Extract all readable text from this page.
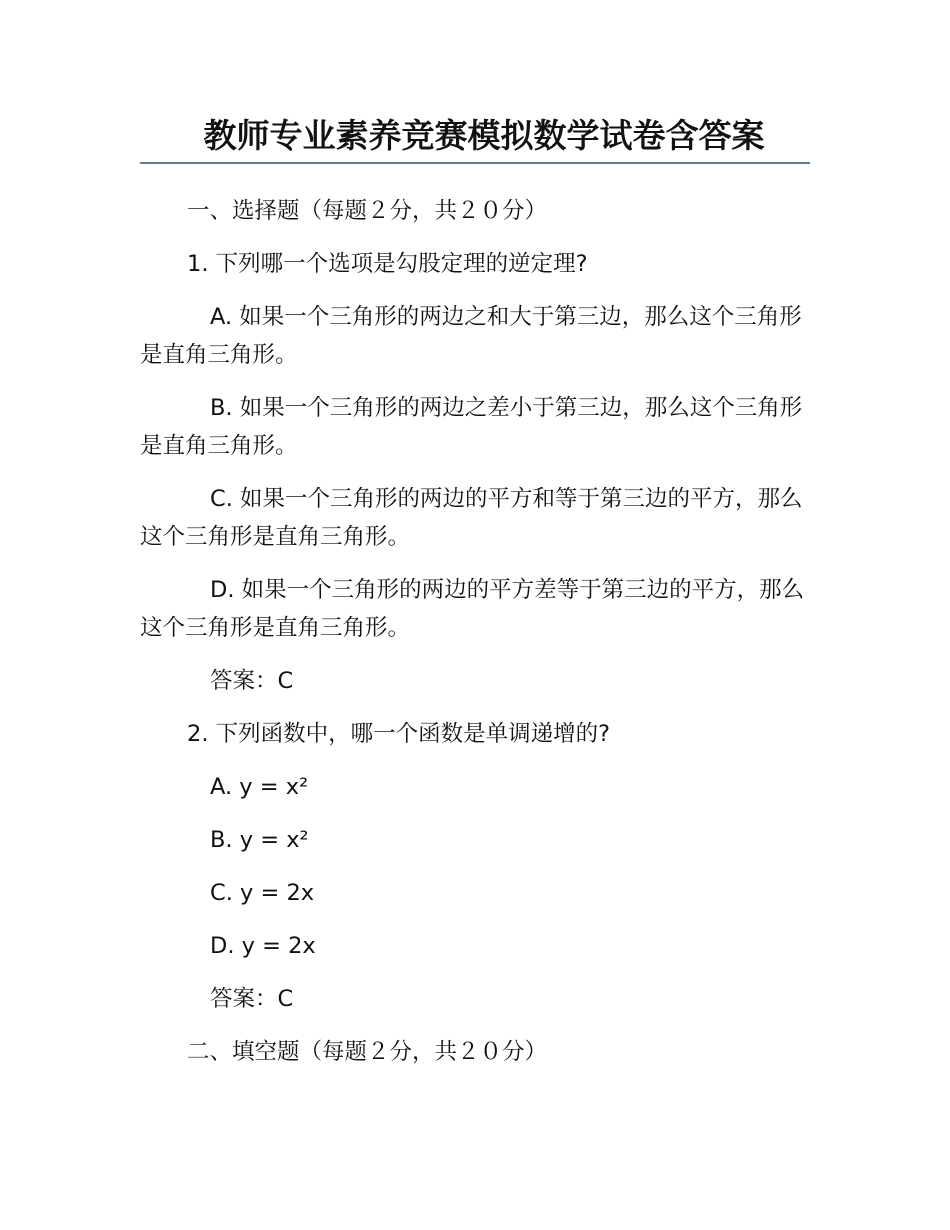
教师专业素养竞赛模拟数学试卷含答案
一、选择题（每题２分，共２０分）
1. 下列哪一个选项是勾股定理的逆定理?
A. 如果一个三角形的两边之和大于第三边，那么这个三角形是直角三角形。
B. 如果一个三角形的两边之差小于第三边，那么这个三角形是直角三角形。
C. 如果一个三角形的两边的平方和等于第三边的平方，那么这个三角形是直角三角形。
D. 如果一个三角形的两边的平方差等于第三边的平方，那么这个三角形是直角三角形。
答案：C
2. 下列函数中，哪一个函数是单调递增的?
A. y = x²
B. y = x²
C. y = 2x
D. y = 2x
答案：C
二、填空题（每题２分，共２０分）
